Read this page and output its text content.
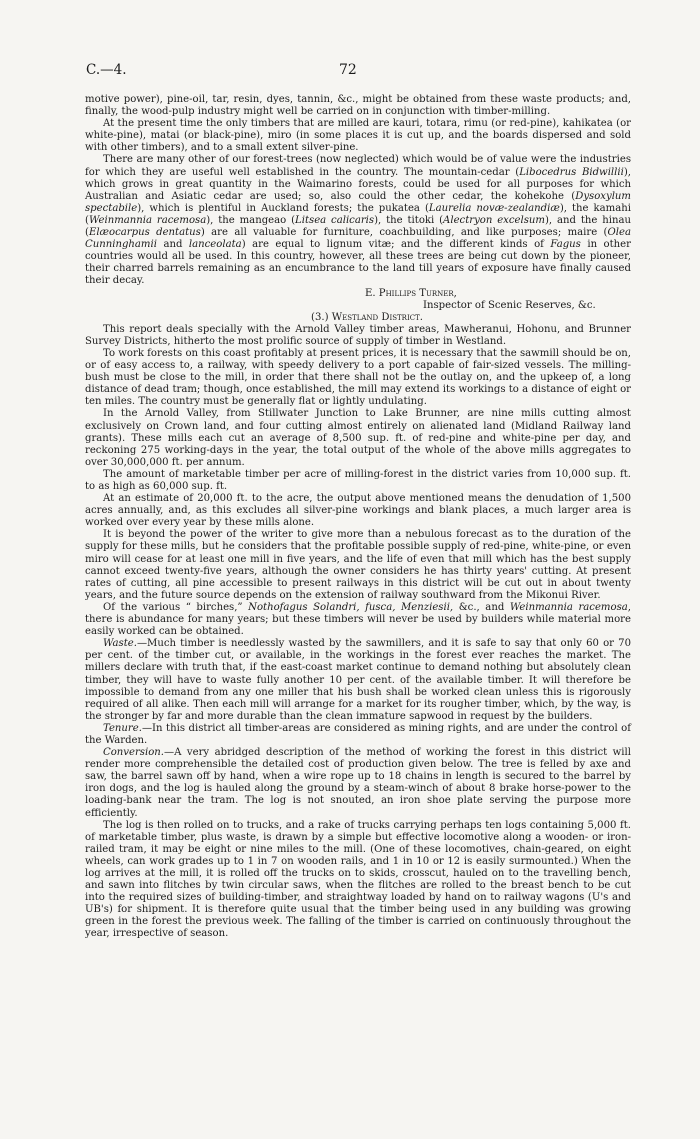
C.—4.	72

motive power), pine-oil, tar, resin, dyes, tannin, &c., might be obtained from these waste products; and, finally, the wood-pulp industry might well be carried on in conjunction with timber-milling.

At the present time the only timbers that are milled are kauri, totara, rimu (or red-pine), kahikatea (or white-pine), matai (or black-pine), miro (in some places it is cut up, and the boards dispersed and sold with other timbers), and to a small extent silver-pine.

There are many other of our forest-trees (now neglected) which would be of value were the industries for which they are useful well established in the country. The mountain-cedar (Libocedrus Bidwillii), which grows in great quantity in the Waimarino forests, could be used for all purposes for which Australian and Asiatic cedar are used; so, also could the other cedar, the kohekohe (Dysoxylum spectabile), which is plentiful in Auckland forests; the pukatea (Laurelia novæ-zealandiæ), the kamahi (Weinmannia racemosa), the mangeao (Litsea calicaris), the titoki (Alectryon excelsum), and the hinau (Elæocarpus dentatus) are all valuable for furniture, coachbuilding, and like purposes; maire (Olea Cunninghamii and lanceolata) are equal to lignum vitæ; and the different kinds of Fagus in other countries would all be used. In this country, however, all these trees are being cut down by the pioneer, their charred barrels remaining as an encumbrance to the land till years of exposure have finally caused their decay.

E. Phillips Turner,
Inspector of Scenic Reserves, &c.

(3.) Westland District.

This report deals specially with the Arnold Valley timber areas, Mawheranui, Hohonu, and Brunner Survey Districts, hitherto the most prolific source of supply of timber in Westland.

To work forests on this coast profitably at present prices, it is necessary that the sawmill should be on, or of easy access to, a railway, with speedy delivery to a port capable of fair-sized vessels. The milling-bush must be close to the mill, in order that there shall not be the outlay on, and the upkeep of, a long distance of dead tram; though, once established, the mill may extend its workings to a distance of eight or ten miles. The country must be generally flat or lightly undulating.

In the Arnold Valley, from Stillwater Junction to Lake Brunner, are nine mills cutting almost exclusively on Crown land, and four cutting almost entirely on alienated land (Midland Railway land grants). These mills each cut an average of 8,500 sup. ft. of red-pine and white-pine per day, and reckoning 275 working-days in the year, the total output of the whole of the above mills aggregates to over 30,000,000 ft. per annum.

The amount of marketable timber per acre of milling-forest in the district varies from 10,000 sup. ft. to as high as 60,000 sup. ft.

At an estimate of 20,000 ft. to the acre, the output above mentioned means the denudation of 1,500 acres annually, and, as this excludes all silver-pine workings and blank places, a much larger area is worked over every year by these mills alone.

It is beyond the power of the writer to give more than a nebulous forecast as to the duration of the supply for these mills, but he considers that the profitable possible supply of red-pine, white-pine, or even miro will cease for at least one mill in five years, and the life of even that mill which has the best supply cannot exceed twenty-five years, although the owner considers he has thirty years' cutting. At present rates of cutting, all pine accessible to present railways in this district will be cut out in about twenty years, and the future source depends on the extension of railway southward from the Mikonui River.

Of the various “ birches,” Nothofagus Solandri, fusca, Menziesii, &c., and Weinmannia racemosa, there is abundance for many years; but these timbers will never be used by builders while material more easily worked can be obtained.

Waste.—Much timber is needlessly wasted by the sawmillers, and it is safe to say that only 60 or 70 per cent. of the timber cut, or available, in the workings in the forest ever reaches the market. The millers declare with truth that, if the east-coast market continue to demand nothing but absolutely clean timber, they will have to waste fully another 10 per cent. of the available timber. It will therefore be impossible to demand from any one miller that his bush shall be worked clean unless this is rigorously required of all alike. Then each mill will arrange for a market for its rougher timber, which, by the way, is the stronger by far and more durable than the clean immature sapwood in request by the builders.

Tenure.—In this district all timber-areas are considered as mining rights, and are under the control of the Warden.

Conversion.—A very abridged description of the method of working the forest in this district will render more comprehensible the detailed cost of production given below. The tree is felled by axe and saw, the barrel sawn off by hand, when a wire rope up to 18 chains in length is secured to the barrel by iron dogs, and the log is hauled along the ground by a steam-winch of about 8 brake horse-power to the loading-bank near the tram. The log is not snouted, an iron shoe plate serving the purpose more efficiently.

The log is then rolled on to trucks, and a rake of trucks carrying perhaps ten logs containing 5,000 ft. of marketable timber, plus waste, is drawn by a simple but effective locomotive along a wooden- or iron-railed tram, it may be eight or nine miles to the mill. (One of these locomotives, chain-geared, on eight wheels, can work grades up to 1 in 7 on wooden rails, and 1 in 10 or 12 is easily surmounted.) When the log arrives at the mill, it is rolled off the trucks on to skids, crosscut, hauled on to the travelling bench, and sawn into flitches by twin circular saws, when the flitches are rolled to the breast bench to be cut into the required sizes of building-timber, and straightway loaded by hand on to railway wagons (U's and UB's) for shipment. It is therefore quite usual that the timber being used in any building was growing green in the forest the previous week. The falling of the timber is carried on continuously throughout the year, irrespective of season.
